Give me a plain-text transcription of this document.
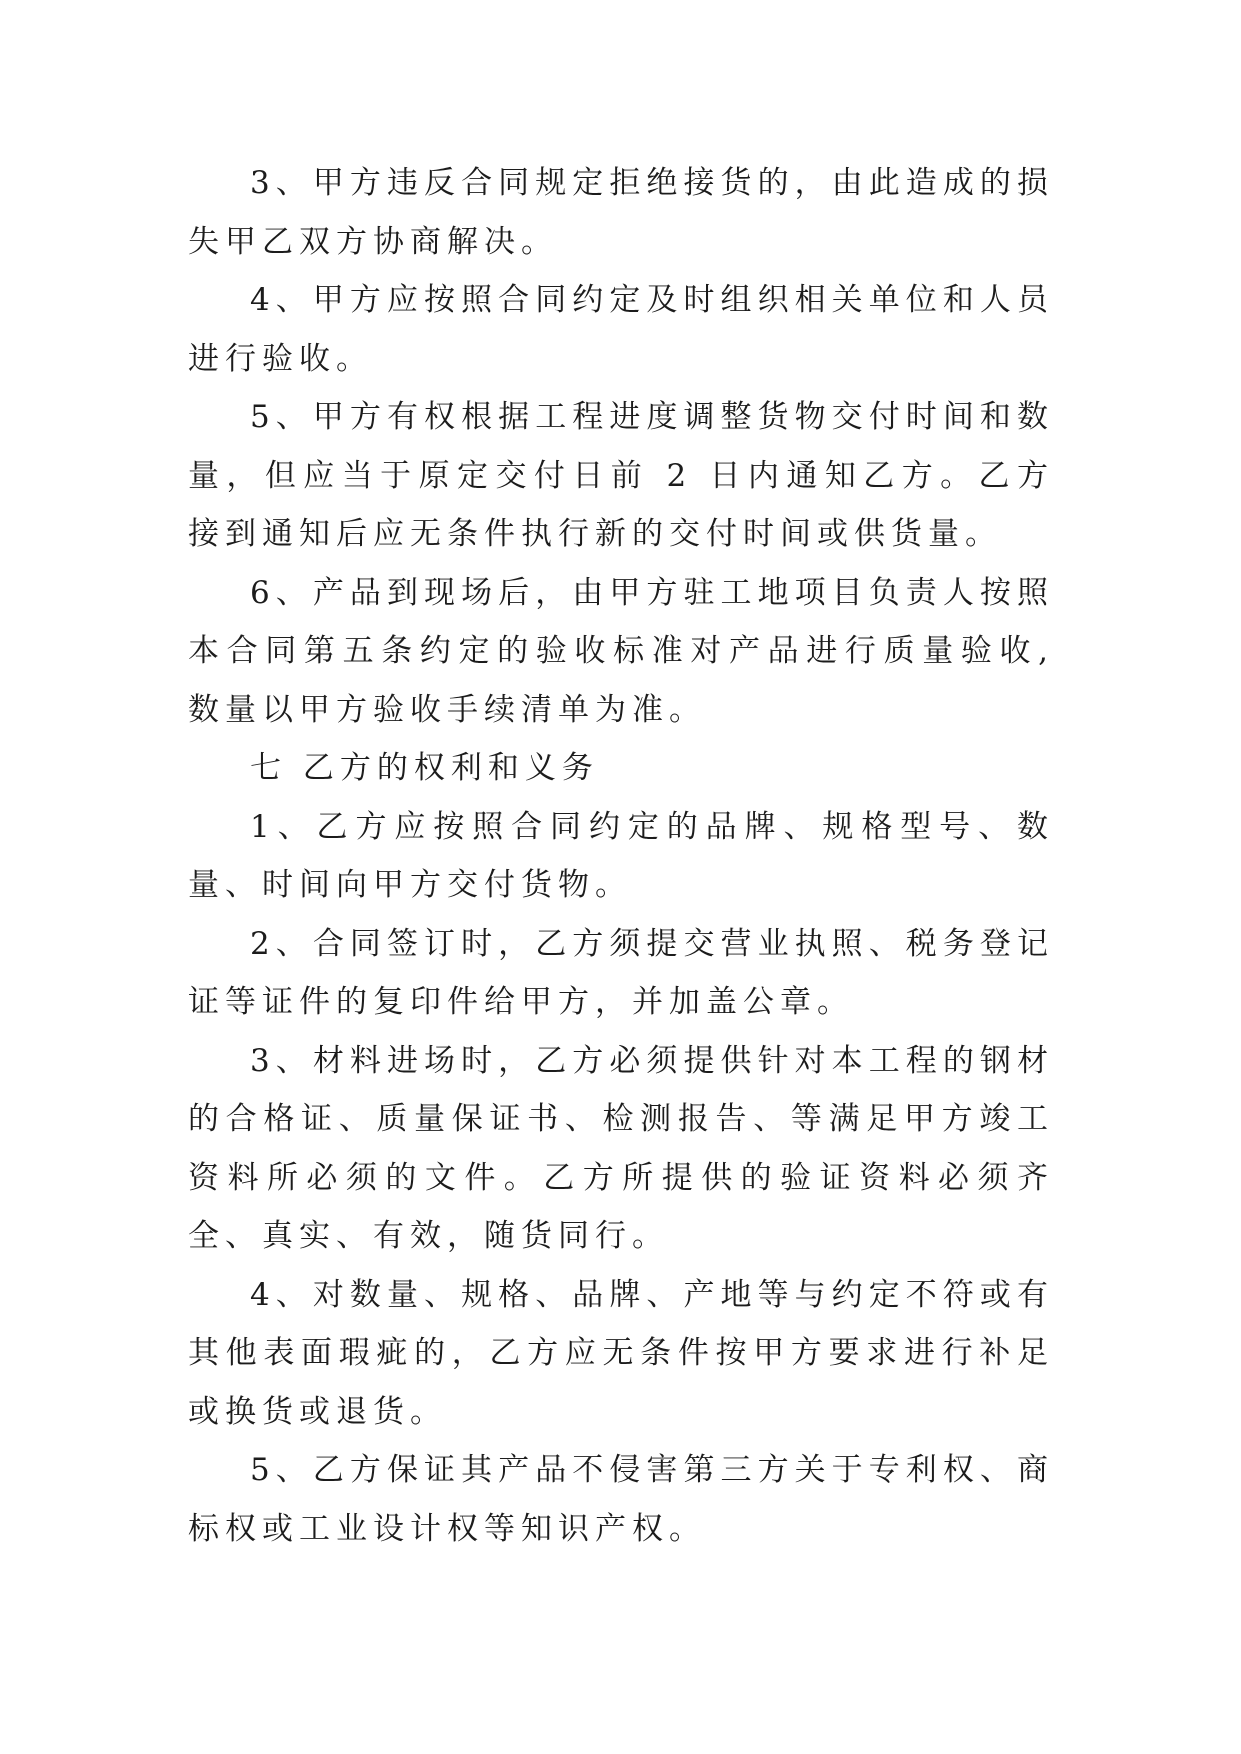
3、甲方违反合同规定拒绝接货的，由此造成的损失甲乙双方协商解决。

4、甲方应按照合同约定及时组织相关单位和人员进行验收。

5、甲方有权根据工程进度调整货物交付时间和数量，但应当于原定交付日前 2 日内通知乙方。乙方接到通知后应无条件执行新的交付时间或供货量。

6、产品到现场后，由甲方驻工地项目负责人按照本合同第五条约定的验收标准对产品进行质量验收,数量以甲方验收手续清单为准。

七 乙方的权利和义务

1、乙方应按照合同约定的品牌、规格型号、数量、时间向甲方交付货物。

2、合同签订时，乙方须提交营业执照、税务登记证等证件的复印件给甲方，并加盖公章。

3、材料进场时，乙方必须提供针对本工程的钢材的合格证、质量保证书、检测报告、等满足甲方竣工资料所必须的文件。乙方所提供的验证资料必须齐全、真实、有效，随货同行。

4、对数量、规格、品牌、产地等与约定不符或有其他表面瑕疵的，乙方应无条件按甲方要求进行补足或换货或退货。

5、乙方保证其产品不侵害第三方关于专利权、商标权或工业设计权等知识产权。
